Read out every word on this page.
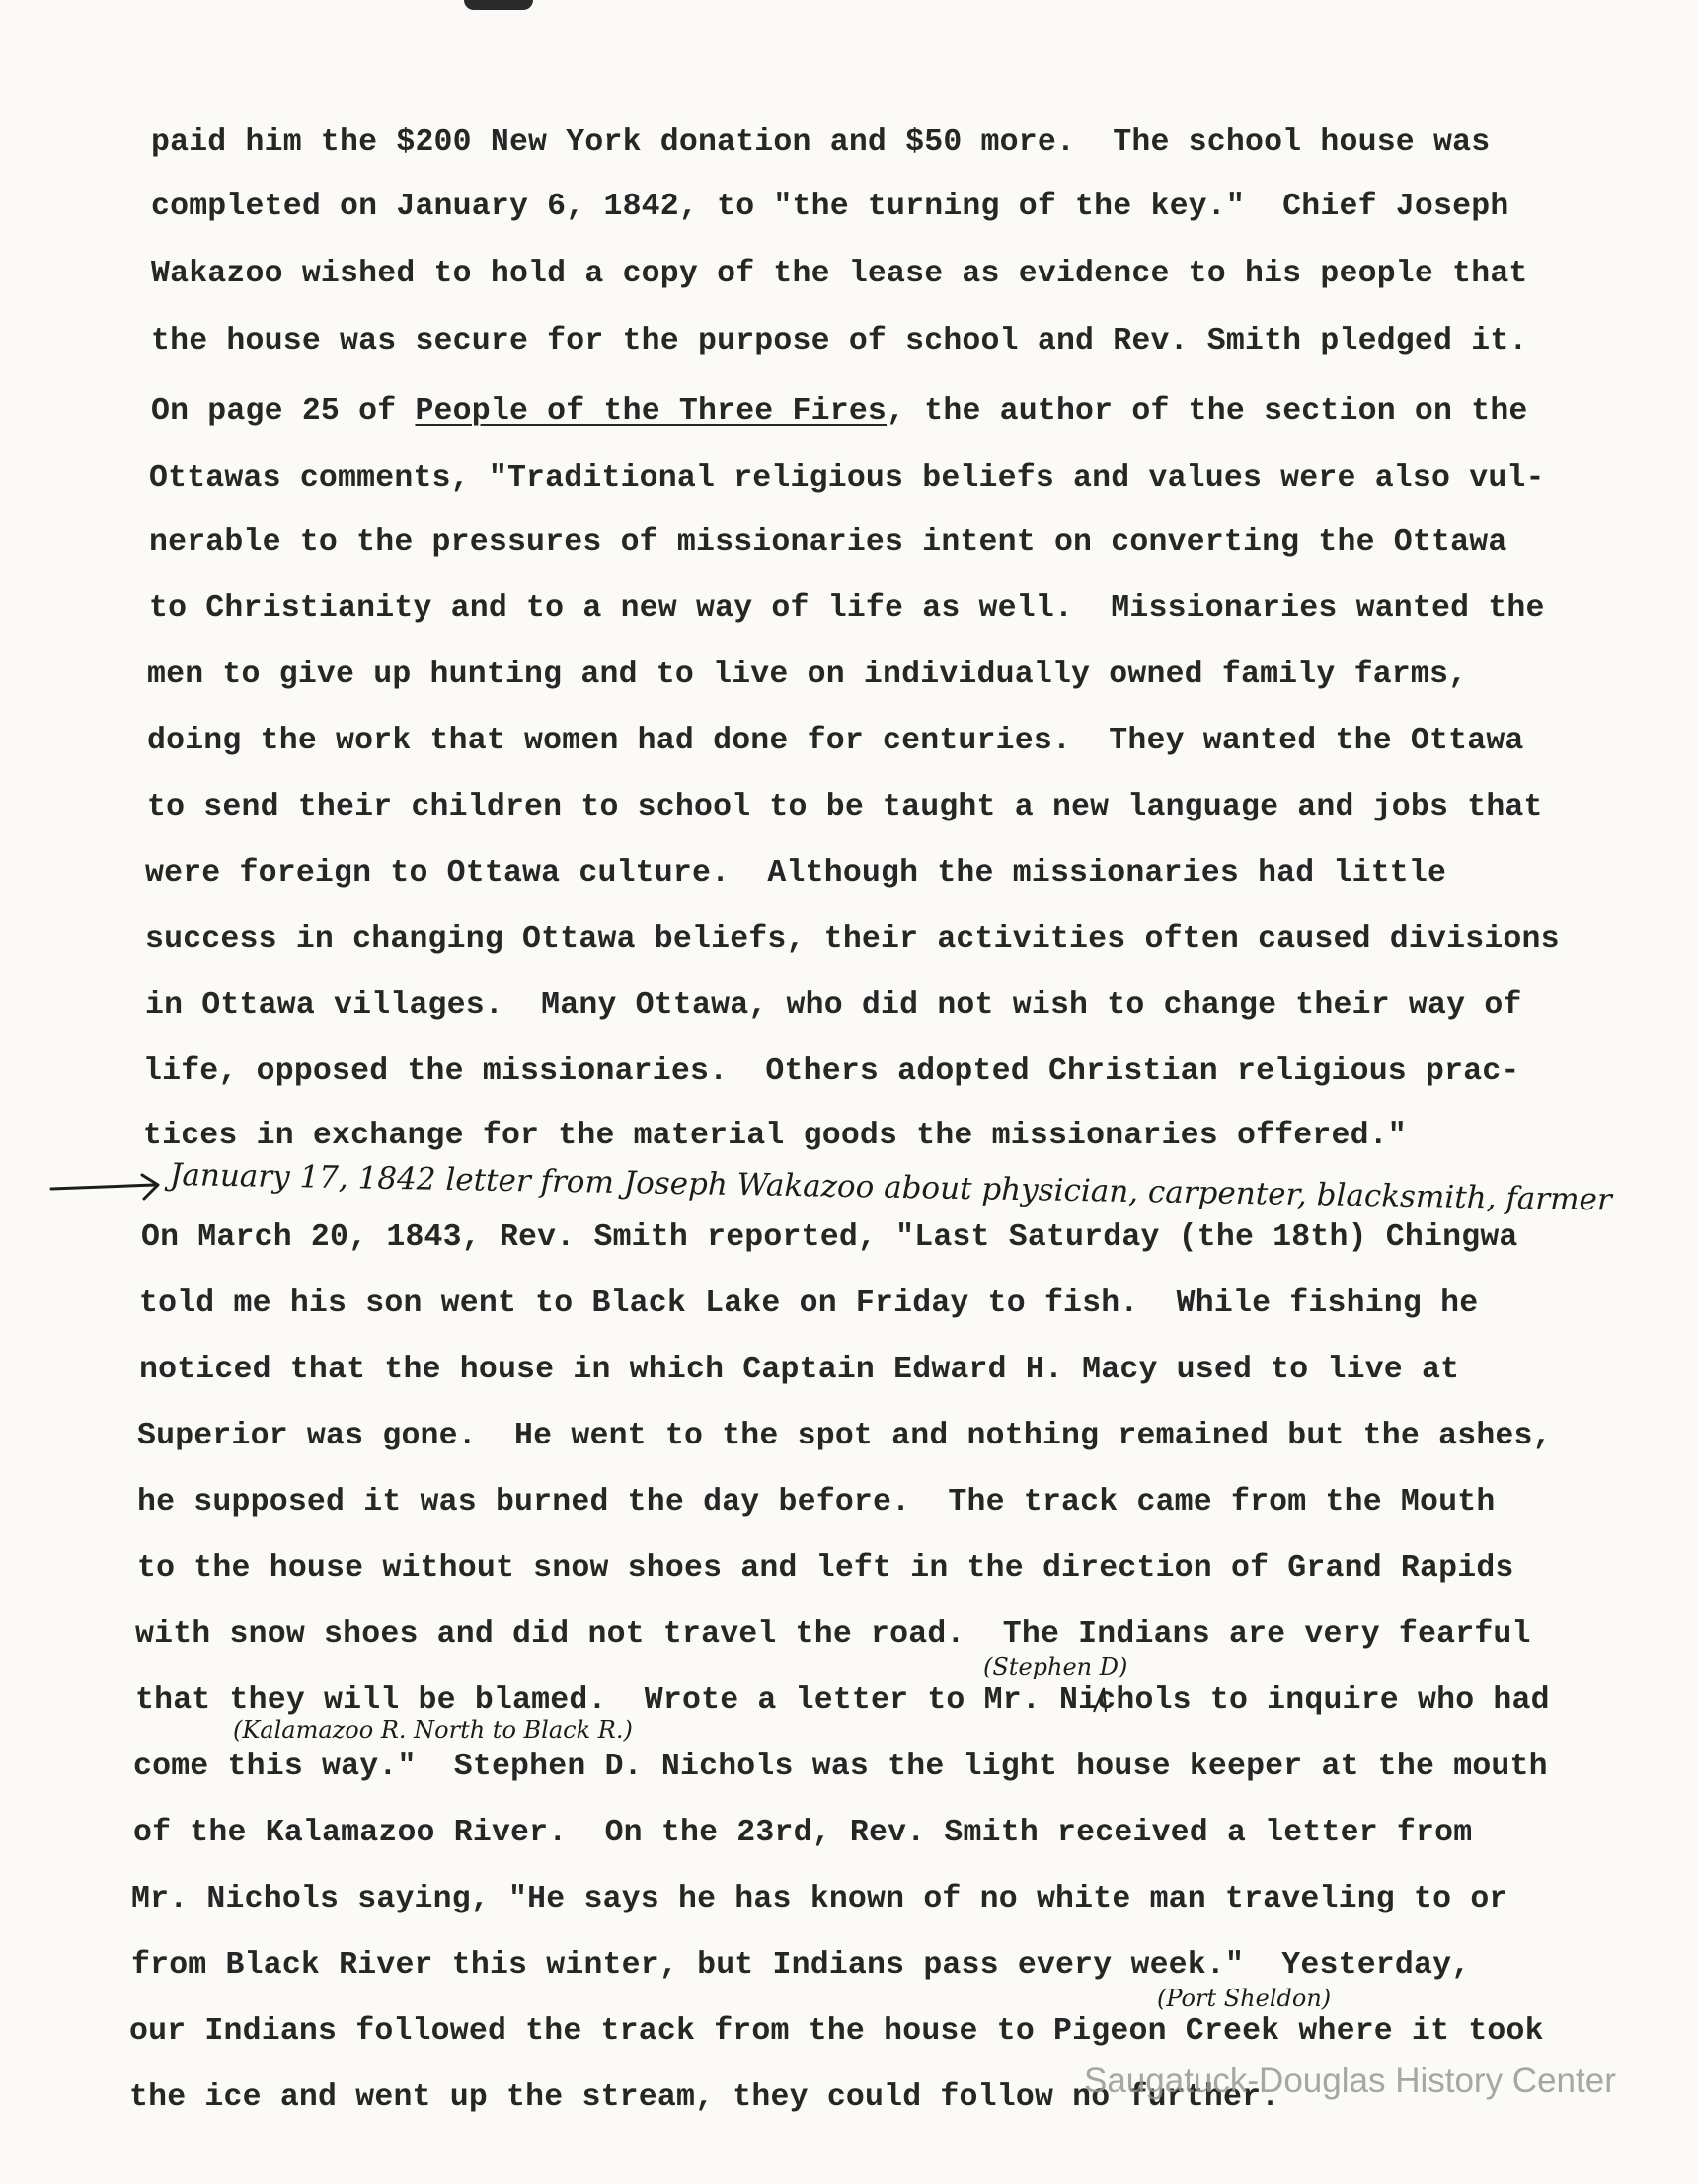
paid him the $200 New York donation and $50 more.  The school house was
completed on January 6, 1842, to "the turning of the key."  Chief Joseph
Wakazoo wished to hold a copy of the lease as evidence to his people that
the house was secure for the purpose of school and Rev. Smith pledged it.
On page 25 of People of the Three Fires, the author of the section on the
Ottawas comments, "Traditional religious beliefs and values were also vul-
nerable to the pressures of missionaries intent on converting the Ottawa
to Christianity and to a new way of life as well.  Missionaries wanted the
men to give up hunting and to live on individually owned family farms,
doing the work that women had done for centuries.  They wanted the Ottawa
to send their children to school to be taught a new language and jobs that
were foreign to Ottawa culture.  Although the missionaries had little
success in changing Ottawa beliefs, their activities often caused divisions
in Ottawa villages.  Many Ottawa, who did not wish to change their way of
life, opposed the missionaries.  Others adopted Christian religious prac-
tices in exchange for the material goods the missionaries offered."
January 17, 1842 letter from Joseph Wakazoo about physician, carpenter, blacksmith, farmer
On March 20, 1843, Rev. Smith reported, "Last Saturday (the 18th) Chingwa
told me his son went to Black Lake on Friday to fish.  While fishing he
noticed that the house in which Captain Edward H. Macy used to live at
Superior was gone.  He went to the spot and nothing remained but the ashes,
he supposed it was burned the day before.  The track came from the Mouth
to the house without snow shoes and left in the direction of Grand Rapids
with snow shoes and did not travel the road.  The Indians are very fearful
(Stephen D)
that they will be blamed.  Wrote a letter to Mr. Nichols to inquire who had
(Kalamazoo R. North to Black R.)
come this way."  Stephen D. Nichols was the light house keeper at the mouth
of the Kalamazoo River.  On the 23rd, Rev. Smith received a letter from
Mr. Nichols saying, "He says he has known of no white man traveling to or
from Black River this winter, but Indians pass every week."  Yesterday,
(Port Sheldon)
our Indians followed the track from the house to Pigeon Creek where it took
the ice and went up the stream, they could follow no further.
Saugatuck-Douglas History Center
